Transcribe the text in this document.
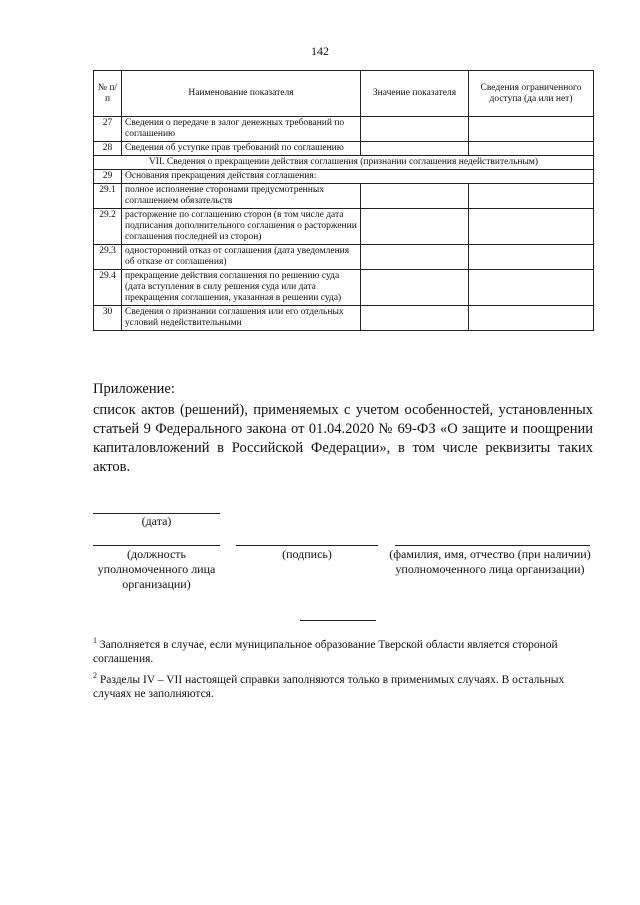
142
№ п/п	Наименование показателя	Значение показателя	Сведения ограниченного доступа (да или нет)
27	Сведения о передаче в залог денежных требований по соглашению		
28	Сведения об уступке прав требований по соглашению		
VII. Сведения о прекращении действия соглашения (признании соглашения недействительным)			
29	Основания прекращения действия соглашения:		
29.1	полное исполнение сторонами предусмотренных соглашением обязательств		
29.2	расторжение по соглашению сторон (в том числе дата подписания дополнительного соглашения о расторжении соглашения последней из сторон)		
29.3	односторонний отказ от соглашения (дата уведомления об отказе от соглашения)		
29.4	прекращение действия соглашения по решению суда (дата вступления в силу решения суда или дата прекращения соглашения, указанная в решении суда)		
30	Сведения о признании соглашения или его отдельных условий недействительными		
Приложение:
список актов (решений), применяемых с учетом особенностей, установленных статьей 9 Федерального закона от 01.04.2020 № 69-ФЗ «О защите и поощрении капиталовложений в Российской Федерации», в том числе реквизиты таких актов.
(дата)
(должность уполномоченного лица организации)
(подпись)	(фамилия, имя, отчество (при наличии) уполномоченного лица организации)

$^1$ Заполняется в случае, если муниципальное образование Тверской области является стороной соглашения.

$^2$ Разделы IV – VII настоящей справки заполняются только в применимых случаях. В остальных случаях не заполняются.
